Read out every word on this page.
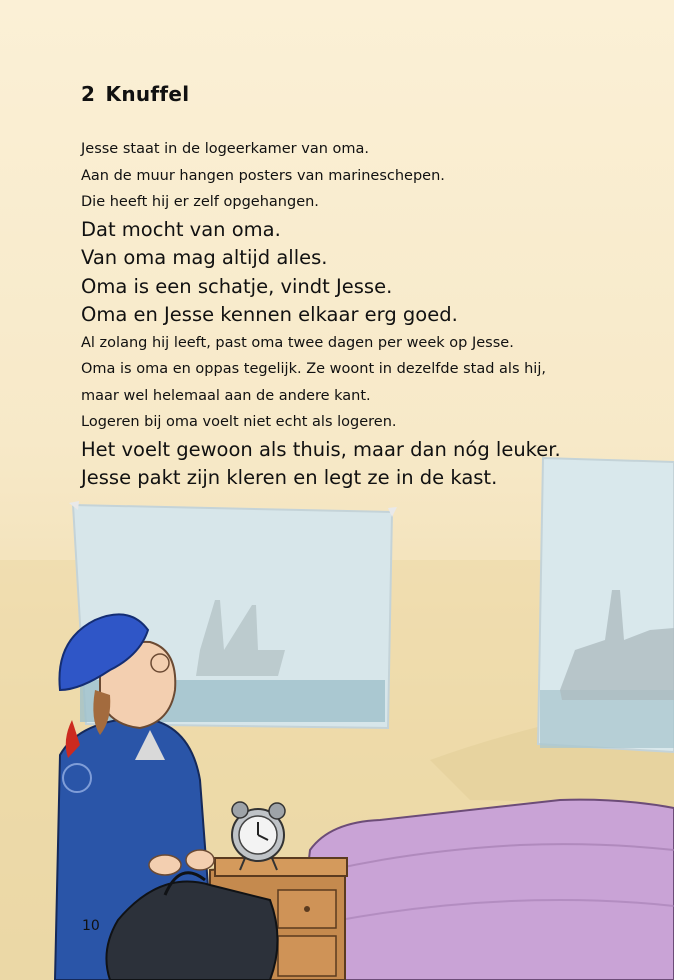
2  Knuffel
Jesse staat in de logeerkamer van oma.
Aan de muur hangen posters van marineschepen.
Die heeft hij er zelf opgehangen.
Dat mocht van oma.
Van oma mag altijd alles.
Oma is een schatje, vindt Jesse.
Oma en Jesse kennen elkaar erg goed.
Al zolang hij leeft, past oma twee dagen per week op Jesse.
Oma is oma en oppas tegelijk. Ze woont in dezelfde stad als hij,
maar wel helemaal aan de andere kant.
Logeren bij oma voelt niet echt als logeren.
Het voelt gewoon als thuis, maar dan nóg leuker.
Jesse pakt zijn kleren en legt ze in de kast.
10
